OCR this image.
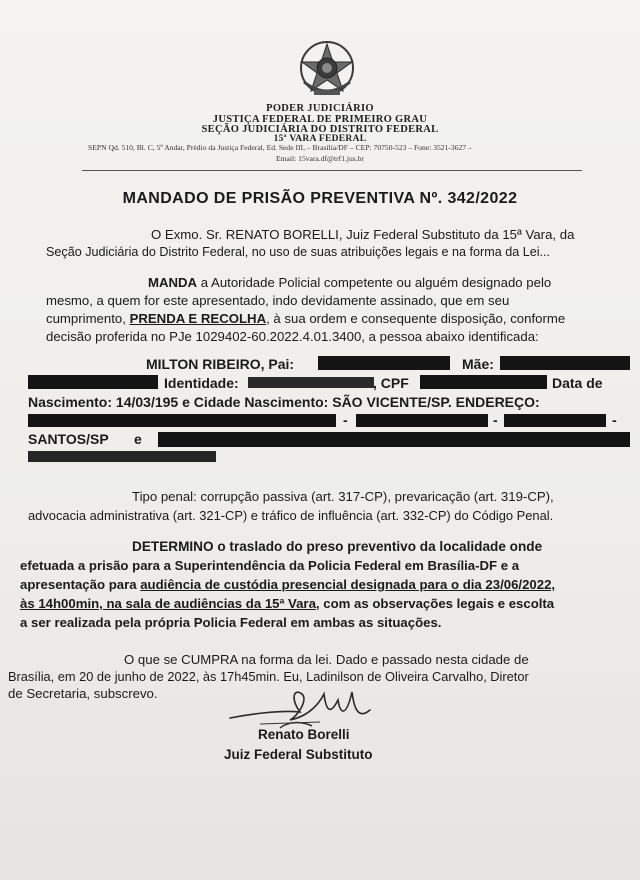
PODER JUDICIÁRIO
JUSTIÇA FEDERAL DE PRIMEIRO GRAU
SEÇÃO JUDICIÁRIA DO DISTRITO FEDERAL
15ª VARA FEDERAL
SEPN Qd. 510, Bl. C, 5º Andar, Prédio da Justiça Federal, Ed. Sede III, – Brasília/DF – CEP: 70750-523 – Fone: 3521-3627 –
Email: 15vara.df@trf1.jus.br
MANDADO DE PRISÃO PREVENTIVA Nº. 342/2022
O Exmo. Sr. RENATO BORELLI, Juiz Federal Substituto da 15ª Vara, da
Seção Judiciária do Distrito Federal, no uso de suas atribuições legais e na forma da Lei...
MANDA a Autoridade Policial competente ou alguém designado pelo
mesmo, a quem for este apresentado, indo devidamente assinado, que em seu
cumprimento, PRENDA E RECOLHA, à sua ordem e consequente disposição, conforme
decisão proferida no PJe 1029402-60.2022.4.01.3400, a pessoa abaixo identificada:
MILTON RIBEIRO, Pai:	Mãe:
Identidade:	, CPF	Data de
Nascimento: 14/03/195 e Cidade Nascimento: SÃO VICENTE/SP. ENDEREÇO:
-	-	-
SANTOS/SP e
Tipo penal: corrupção passiva (art. 317-CP), prevaricação (art. 319-CP),
advocacia administrativa (art. 321-CP) e tráfico de influência (art. 332-CP) do Código Penal.
DETERMINO o traslado do preso preventivo da localidade onde
efetuada a prisão para a Superintendência da Policia Federal em Brasília-DF e a
apresentação para audiência de custódia presencial designada para o dia 23/06/2022,
às 14h00min, na sala de audiências da 15ª Vara, com as observações legais e escolta
a ser realizada pela própria Policia Federal em ambas as situações.
O que se CUMPRA na forma da lei. Dado e passado nesta cidade de
Brasília, em 20 de junho de 2022, às 17h45min. Eu, Ladinilson de Oliveira Carvalho, Diretor
de Secretaria, subscrevo.
Renato Borelli
Juiz Federal Substituto
